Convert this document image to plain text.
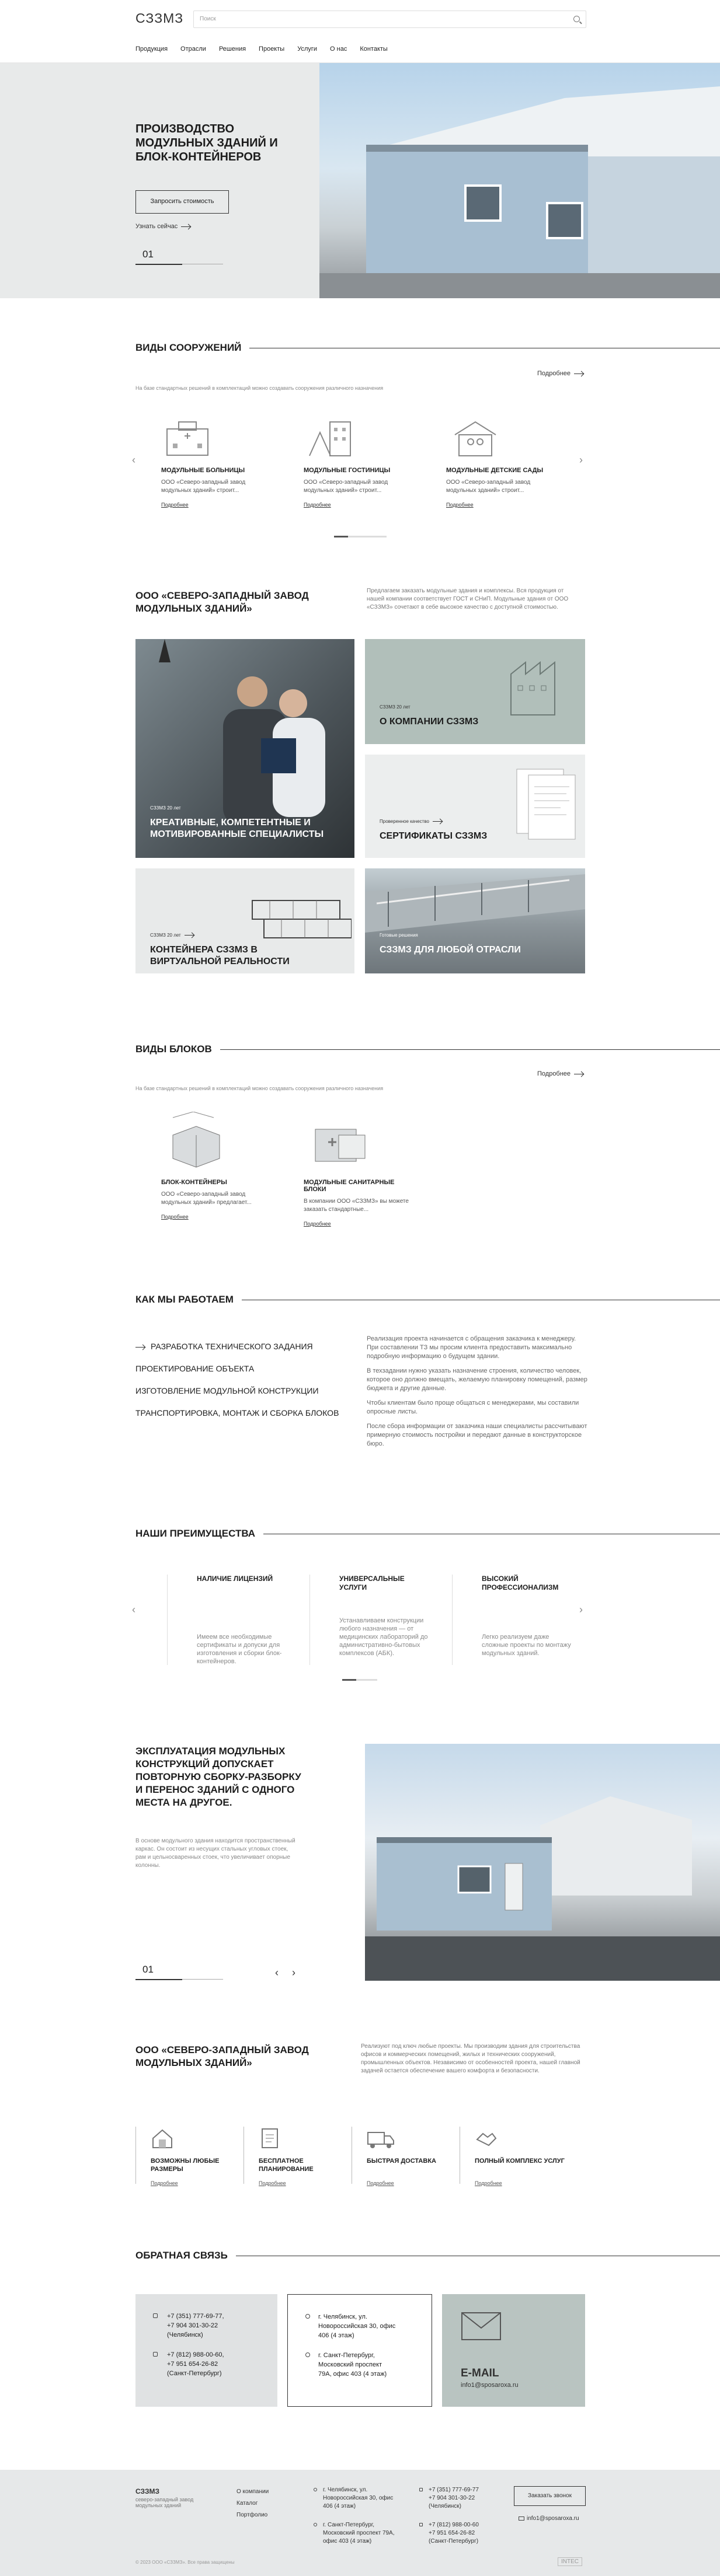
СЗЗМЗ	Поиск
Продукция Отрасли Решения Проекты Услуги О нас Контакты
ПРОИЗВОДСТВО МОДУЛЬНЫХ ЗДАНИЙ И БЛОК-КОНТЕЙНЕРОВ
Запросить стоимость
Узнать сейчас
01
ВИДЫ СООРУЖЕНИЙ
Подробнее
На базе стандартных решений в комплектаций можно создавать сооружения различного назначения
‹	›
МОДУЛЬНЫЕ БОЛЬНИЦЫ
ООО «Северо-западный завод модульных зданий» строит...
Подробнее
МОДУЛЬНЫЕ ГОСТИНИЦЫ
ООО «Северо-западный завод модульных зданий» строит...
Подробнее
МОДУЛЬНЫЕ ДЕТСКИЕ САДЫ
ООО «Северо-западный завод модульных зданий» строит...
Подробнее
ООО «СЕВЕРО-ЗАПАДНЫЙ ЗАВОД МОДУЛЬНЫХ ЗДАНИЙ»
Предлагаем заказать модульные здания и комплексы. Вся продукция от нашей компании соответствует ГОСТ и СНиП. Модульные здания от ООО «СЗЗМЗ» сочетают в себе высокое качество с доступной стоимостью.
СЗЗМЗ 20 лет
КРЕАТИВНЫЕ, КОМПЕТЕНТНЫЕ И МОТИВИРОВАННЫЕ СПЕЦИАЛИСТЫ
СЗЗМЗ 20 лет
О КОМПАНИИ СЗЗМЗ
Проверенное качество
СЕРТИФИКАТЫ СЗЗМЗ
СЗЗМЗ 20 лет
КОНТЕЙНЕРА СЗЗМЗ В ВИРТУАЛЬНОЙ РЕАЛЬНОСТИ
Готовые решения
СЗЗМЗ ДЛЯ ЛЮБОЙ ОТРАСЛИ
ВИДЫ БЛОКОВ
Подробнее
На базе стандартных решений в комплектаций можно создавать сооружения различного назначения
БЛОК-КОНТЕЙНЕРЫ
ООО «Северо-западный завод модульных зданий» предлагает...
Подробнее
МОДУЛЬНЫЕ САНИТАРНЫЕ БЛОКИ
В компании ООО «СЗЗМЗ» вы можете заказать стандартные...
Подробнее
КАК МЫ РАБОТАЕМ
РАЗРАБОТКА ТЕХНИЧЕСКОГО ЗАДАНИЯ
ПРОЕКТИРОВАНИЕ ОБЪЕКТА
ИЗГОТОВЛЕНИЕ МОДУЛЬНОЙ КОНСТРУКЦИИ
ТРАНСПОРТИРОВКА, МОНТАЖ И СБОРКА БЛОКОВ

Реализация проекта начинается с обращения заказчика к менеджеру. При составлении ТЗ мы просим клиента предоставить максимально подробную информацию о будущем здании.

В техзадании нужно указать назначение строения, количество человек, которое оно должно вмещать, желаемую планировку помещений, размер бюджета и другие данные.

Чтобы клиентам было проще общаться с менеджерами, мы составили опросные листы.

После сбора информации от заказчика наши специалисты рассчитывают примерную стоимость постройки и передают данные в конструкторское бюро.

НАШИ ПРЕИМУЩЕСТВА
‹	›
НАЛИЧИЕ ЛИЦЕНЗИЙ
Имеем все необходимые сертификаты и допуски для изготовления и сборки блок-контейнеров.
УНИВЕРСАЛЬНЫЕ УСЛУГИ
Устанавливаем конструкции любого назначения — от медицинских лабораторий до административно-бытовых комплексов (АБК).
ВЫСОКИЙ ПРОФЕССИОНАЛИЗМ
Легко реализуем даже сложные проекты по монтажу модульных зданий.
ЭКСПЛУАТАЦИЯ МОДУЛЬНЫХ КОНСТРУКЦИЙ ДОПУСКАЕТ ПОВТОРНУЮ СБОРКУ-РАЗБОРКУ И ПЕРЕНОС ЗДАНИЙ С ОДНОГО МЕСТА НА ДРУГОЕ.
В основе модульного здания находится пространственный каркас. Он состоит из несущих стальных угловых стоек, рам и цельносваренных стоек, что увеличивает опорные колонны.
01	‹ ›
ООО «СЕВЕРО-ЗАПАДНЫЙ ЗАВОД МОДУЛЬНЫХ ЗДАНИЙ»
Реализуют под ключ любые проекты. Мы производим здания для строительства офисов и коммерческих помещений, жилых и технических сооружений, промышленных объектов. Независимо от особенностей проекта, нашей главной задачей остается обеспечение вашего комфорта и безопасности.
ВОЗМОЖНЫ ЛЮБЫЕ РАЗМЕРЫ
Подробнее
БЕСПЛАТНОЕ ПЛАНИРОВАНИЕ
Подробнее
БЫСТРАЯ ДОСТАВКА
Подробнее
ПОЛНЫЙ КОМПЛЕКС УСЛУГ
Подробнее
ОБРАТНАЯ СВЯЗЬ
+7 (351) 777-69-77,
+7 904 301-30-22
(Челябинск)
+7 (812) 988-00-60,
+7 951 654-26-82
(Санкт-Петербург)
г. Челябинск, ул.
Новороссийская 30, офис
406 (4 этаж)
г. Санкт-Петербург,
Московский проспект
79А, офис 403 (4 этаж)	E-MAIL
info1@sposaroxa.ru
СЗЗМЗ
северо-западный завод модульных зданий
О компании
Каталог
Портфолио
г. Челябинск, ул.
Новороссийская 30, офис
406 (4 этаж)
г. Санкт-Петербург,
Московский проспект 79А,
офис 403 (4 этаж)
+7 (351) 777-69-77
+7 904 301-30-22
(Челябинск)
+7 (812) 988-00-60
+7 951 654-26-82
(Санкт-Петербург)
Заказать звонок
info1@sposaroxa.ru
© 2023 ООО «СЗЗМЗ». Все права защищены	INTEC
